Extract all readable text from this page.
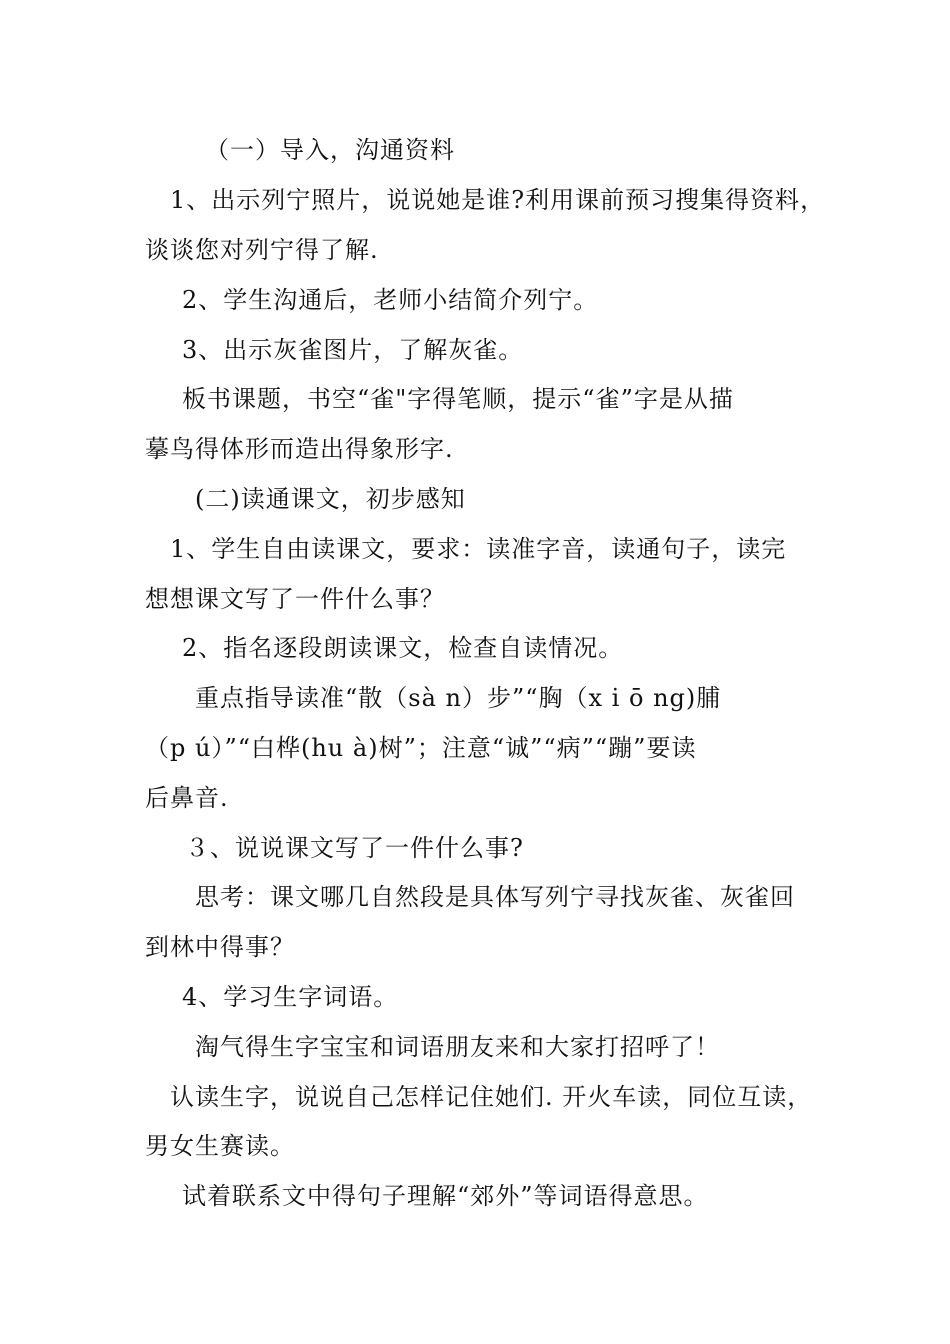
（一）导入，沟通资料
1、出示列宁照片，说说她是谁?利用课前预习搜集得资料，
谈谈您对列宁得了解.
2、学生沟通后，老师小结简介列宁。
3、出示灰雀图片，了解灰雀。
板书课题，书空“雀"字得笔顺，提示“雀”字是从描
摹鸟得体形而造出得象形字.
(二)读通课文，初步感知
1、学生自由读课文，要求：读准字音，读通句子，读完
想想课文写了一件什么事？
2、指名逐段朗读课文，检查自读情况。
重点指导读准“散（sà n）步”“胸（x i ō ng)脯
（p ú）”“白桦(hu à)树”；注意“诚”“病”“蹦”要读
后鼻音.
３、说说课文写了一件什么事?
思考：课文哪几自然段是具体写列宁寻找灰雀、灰雀回
到林中得事？
4、学习生字词语。
淘气得生字宝宝和词语朋友来和大家打招呼了！
认读生字，说说自己怎样记住她们. 开火车读，同位互读，
男女生赛读。
试着联系文中得句子理解“郊外”等词语得意思。
